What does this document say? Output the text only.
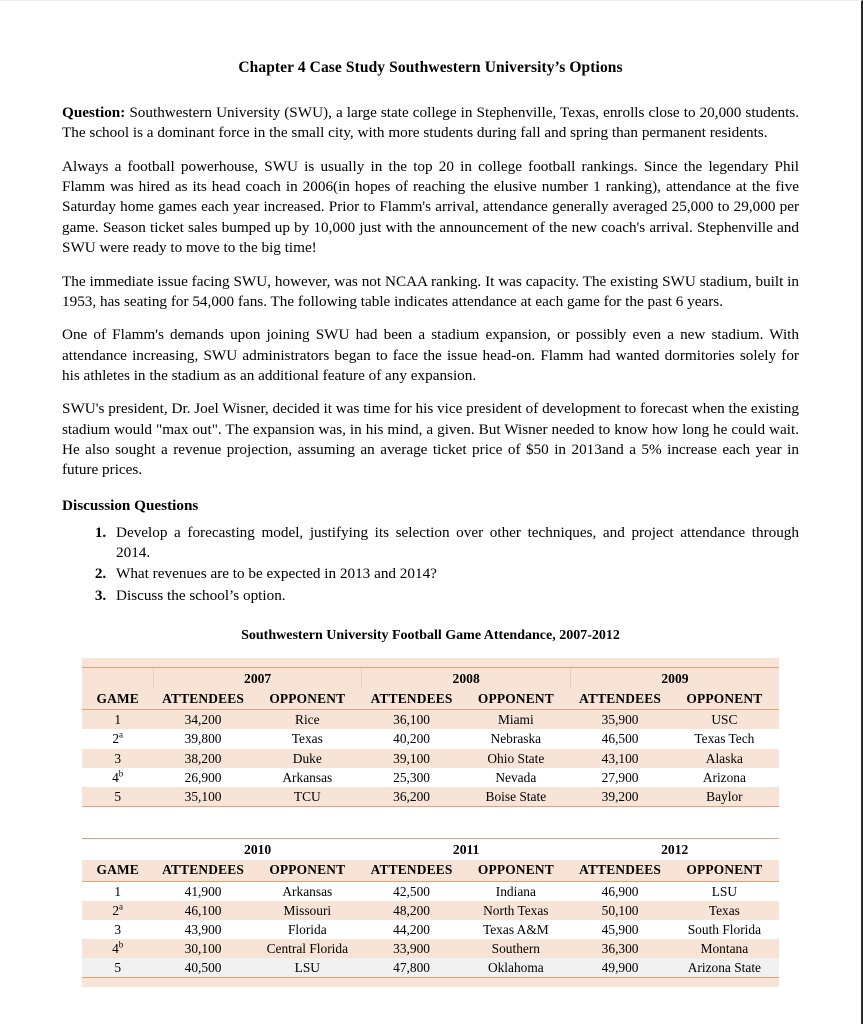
Chapter 4 Case Study Southwestern University’s Options

Question: Southwestern University (SWU), a large state college in Stephenville, Texas, enrolls close to 20,000 students. The school is a dominant force in the small city, with more students during fall and spring than permanent residents.

Always a football powerhouse, SWU is usually in the top 20 in college football rankings. Since the legendary Phil Flamm was hired as its head coach in 2006(in hopes of reaching the elusive number 1 ranking), attendance at the five Saturday home games each year increased. Prior to Flamm's arrival, attendance generally averaged 25,000 to 29,000 per game. Season ticket sales bumped up by 10,000 just with the announcement of the new coach's arrival. Stephenville and SWU were ready to move to the big time!

The immediate issue facing SWU, however, was not NCAA ranking. It was capacity. The existing SWU stadium, built in 1953, has seating for 54,000 fans. The following table indicates attendance at each game for the past 6 years.

One of Flamm's demands upon joining SWU had been a stadium expansion, or possibly even a new stadium. With attendance increasing, SWU administrators began to face the issue head-on. Flamm had wanted dormitories solely for his athletes in the stadium as an additional feature of any expansion.

SWU's president, Dr. Joel Wisner, decided it was time for his vice president of development to forecast when the existing stadium would "max out". The expansion was, in his mind, a given. But Wisner needed to know how long he could wait. He also sought a revenue projection, assuming an average ticket price of $50 in 2013and a 5% increase each year in future prices.

Discussion Questions
1. Develop a forecasting model, justifying its selection over other techniques, and project attendance through 2014.
2. What revenues are to be expected in 2013 and 2014?
3. Discuss the school’s option.
Southwestern University Football Game Attendance, 2007-2012

	2007		2008		2009	
GAME	ATTENDEES	OPPONENT	ATTENDEES	OPPONENT	ATTENDEES	OPPONENT
1	34,200	Rice	36,100	Miami	35,900	USC
2$^a$	39,800	Texas	40,200	Nebraska	46,500	Texas Tech
3	38,200	Duke	39,100	Ohio State	43,100	Alaska
4$^b$	26,900	Arkansas	25,300	Nevada	27,900	Arizona
5	35,100	TCU	36,200	Boise State	39,200	Baylor

	2010		2011		2012	
GAME	ATTENDEES	OPPONENT	ATTENDEES	OPPONENT	ATTENDEES	OPPONENT
1	41,900	Arkansas	42,500	Indiana	46,900	LSU
2$^a$	46,100	Missouri	48,200	North Texas	50,100	Texas
3	43,900	Florida	44,200	Texas A&M	45,900	South Florida
4$^b$	30,100	Central Florida	33,900	Southern	36,300	Montana
5	40,500	LSU	47,800	Oklahoma	49,900	Arizona State
